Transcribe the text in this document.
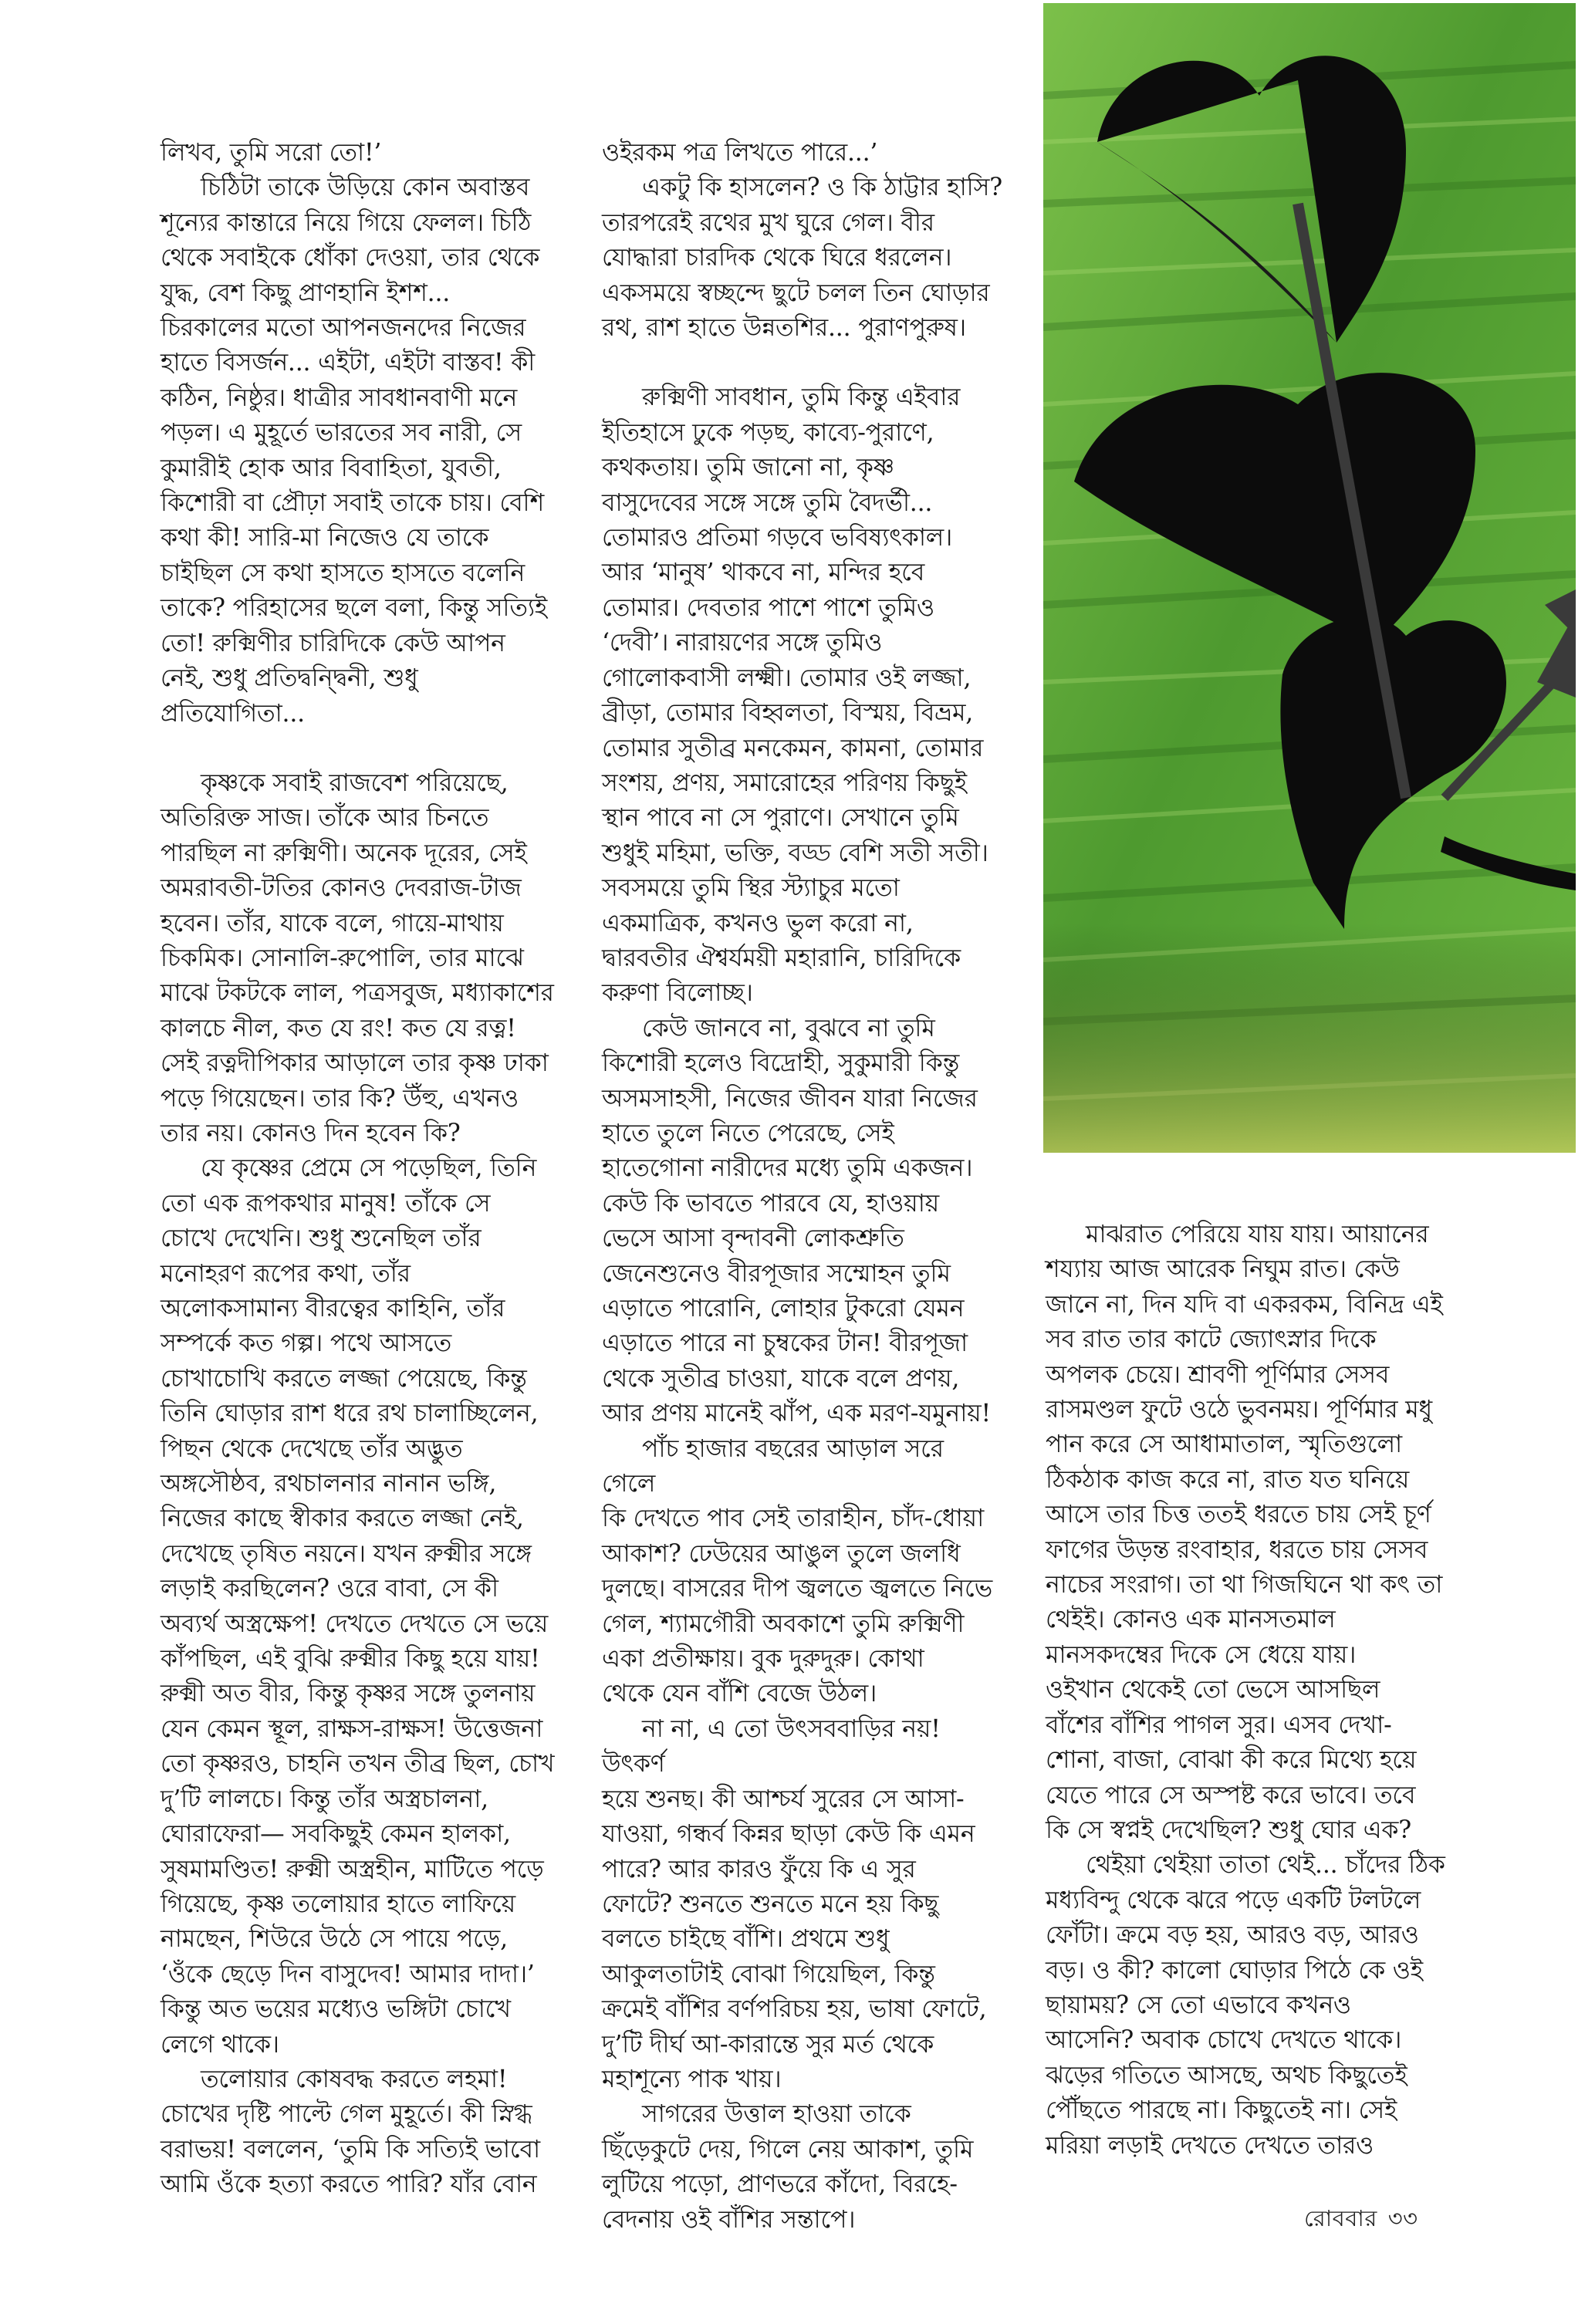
লিখব, তুমি সরো তো!’

চিঠিটা তাকে উড়িয়ে কোন অবাস্তব
শূন্যের কান্তারে নিয়ে গিয়ে ফেলল। চিঠি
থেকে সবাইকে ধোঁকা দেওয়া, তার থেকে
যুদ্ধ, বেশ কিছু প্রাণহানি ইশশ...
চিরকালের মতো আপনজনদের নিজের
হাতে বিসর্জন... এইটা, এইটা বাস্তব! কী
কঠিন, নিষ্ঠুর। ধাত্রীর সাবধানবাণী মনে
পড়ল। এ মুহূর্তে ভারতের সব নারী, সে
কুমারীই হোক আর বিবাহিতা, যুবতী,
কিশোরী বা প্রৌঢ়া সবাই তাকে চায়। বেশি
কথা কী! সারি-মা নিজেও যে তাকে
চাইছিল সে কথা হাসতে হাসতে বলেনি
তাকে? পরিহাসের ছলে বলা, কিন্তু সত্যিই
তো! রুক্মিণীর চারিদিকে কেউ আপন
নেই, শুধু প্রতিদ্বন্দ্বিনী, শুধু প্রতিযোগিতা...

কৃষ্ণকে সবাই রাজবেশ পরিয়েছে,
অতিরিক্ত সাজ। তাঁকে আর চিনতে
পারছিল না রুক্মিণী। অনেক দূরের, সেই
অমরাবতী-টতির কোনও দেবরাজ-টাজ
হবেন। তাঁর, যাকে বলে, গায়ে-মাথায়
চিকমিক। সোনালি-রুপোলি, তার মাঝে
মাঝে টকটকে লাল, পত্রসবুজ, মধ্যাকাশের
কালচে নীল, কত যে রং! কত যে রত্ন!
সেই রত্নদীপিকার আড়ালে তার কৃষ্ণ ঢাকা
পড়ে গিয়েছেন। তার কি? উঁহু, এখনও
তার নয়। কোনও দিন হবেন কি?

যে কৃষ্ণের প্রেমে সে পড়েছিল, তিনি
তো এক রূপকথার মানুষ! তাঁকে সে
চোখে দেখেনি। শুধু শুনেছিল তাঁর
মনোহরণ রূপের কথা, তাঁর
অলোকসামান্য বীরত্বের কাহিনি, তাঁর
সম্পর্কে কত গল্প। পথে আসতে
চোখাচোখি করতে লজ্জা পেয়েছে, কিন্তু
তিনি ঘোড়ার রাশ ধরে রথ চালাচ্ছিলেন,
পিছন থেকে দেখেছে তাঁর অদ্ভুত
অঙ্গসৌষ্ঠব, রথচালনার নানান ভঙ্গি,
নিজের কাছে স্বীকার করতে লজ্জা নেই,
দেখেছে তৃষিত নয়নে। যখন রুক্মীর সঙ্গে
লড়াই করছিলেন? ওরে বাবা, সে কী
অব্যর্থ অস্ত্রক্ষেপ! দেখতে দেখতে সে ভয়ে
কাঁপছিল, এই বুঝি রুক্মীর কিছু হয়ে যায়!
রুক্মী অত বীর, কিন্তু কৃষ্ণর সঙ্গে তুলনায়
যেন কেমন স্থূল, রাক্ষস-রাক্ষস! উত্তেজনা
তো কৃষ্ণরও, চাহনি তখন তীব্র ছিল, চোখ
দু’টি লালচে। কিন্তু তাঁর অস্ত্রচালনা,
ঘোরাফেরা— সবকিছুই কেমন হালকা,
সুষমামণ্ডিত! রুক্মী অস্ত্রহীন, মাটিতে পড়ে
গিয়েছে, কৃষ্ণ তলোয়ার হাতে লাফিয়ে
নামছেন, শিউরে উঠে সে পায়ে পড়ে,
‘ওঁকে ছেড়ে দিন বাসুদেব! আমার দাদা।’
কিন্তু অত ভয়ের মধ্যেও ভঙ্গিটা চোখে
লেগে থাকে।

তলোয়ার কোষবদ্ধ করতে লহমা!
চোখের দৃষ্টি পাল্টে গেল মুহূর্তে। কী স্নিগ্ধ
বরাভয়! বললেন, ‘তুমি কি সত্যিই ভাবো
আমি ওঁকে হত্যা করতে পারি? যাঁর বোন

ওইরকম পত্র লিখতে পারে...’

একটু কি হাসলেন? ও কি ঠাট্টার হাসি?
তারপরেই রথের মুখ ঘুরে গেল। বীর
যোদ্ধারা চারদিক থেকে ঘিরে ধরলেন।
একসময়ে স্বচ্ছন্দে ছুটে চলল তিন ঘোড়ার
রথ, রাশ হাতে উন্নতশির... পুরাণপুরুষ।

রুক্মিণী সাবধান, তুমি কিন্তু এইবার
ইতিহাসে ঢুকে পড়ছ, কাব্যে-পুরাণে,
কথকতায়। তুমি জানো না, কৃষ্ণ
বাসুদেবের সঙ্গে সঙ্গে তুমি বৈদর্ভী...
তোমারও প্রতিমা গড়বে ভবিষ্যৎকাল।
আর ‘মানুষ’ থাকবে না, মন্দির হবে
তোমার। দেবতার পাশে পাশে তুমিও
‘দেবী’। নারায়ণের সঙ্গে তুমিও
গোলোকবাসী লক্ষ্মী। তোমার ওই লজ্জা,
ব্রীড়া, তোমার বিহ্বলতা, বিস্ময়, বিভ্রম,
তোমার সুতীব্র মনকেমন, কামনা, তোমার
সংশয়, প্রণয়, সমারোহের পরিণয় কিছুই
স্থান পাবে না সে পুরাণে। সেখানে তুমি
শুধুই মহিমা, ভক্তি, বড্ড বেশি সতী সতী।
সবসময়ে তুমি স্থির স্ট্যাচুর মতো
একমাত্রিক, কখনও ভুল করো না,
দ্বারবতীর ঐশ্বর্যময়ী মহারানি, চারিদিকে
করুণা বিলোচ্ছ।

কেউ জানবে না, বুঝবে না তুমি
কিশোরী হলেও বিদ্রোহী, সুকুমারী কিন্তু
অসমসাহসী, নিজের জীবন যারা নিজের
হাতে তুলে নিতে পেরেছে, সেই
হাতেগোনা নারীদের মধ্যে তুমি একজন।
কেউ কি ভাবতে পারবে যে, হাওয়ায়
ভেসে আসা বৃন্দাবনী লোকশ্রুতি
জেনেশুনেও বীরপূজার সম্মোহন তুমি
এড়াতে পারোনি, লোহার টুকরো যেমন
এড়াতে পারে না চুম্বকের টান! বীরপূজা
থেকে সুতীব্র চাওয়া, যাকে বলে প্রণয়,
আর প্রণয় মানেই ঝাঁপ, এক মরণ-যমুনায়!

পাঁচ হাজার বছরের আড়াল সরে গেলে
কি দেখতে পাব সেই তারাহীন, চাঁদ-ধোয়া
আকাশ? ঢেউয়ের আঙুল তুলে জলধি
দুলছে। বাসরের দীপ জ্বলতে জ্বলতে নিভে
গেল, শ্যামগৌরী অবকাশে তুমি রুক্মিণী
একা প্রতীক্ষায়। বুক দুরুদুরু। কোথা
থেকে যেন বাঁশি বেজে উঠল।

না না, এ তো উৎসববাড়ির নয়! উৎকর্ণ
হয়ে শুনছ। কী আশ্চর্য সুরের সে আসা-
যাওয়া, গন্ধর্ব কিন্নর ছাড়া কেউ কি এমন
পারে? আর কারও ফুঁয়ে কি এ সুর
ফোটে? শুনতে শুনতে মনে হয় কিছু
বলতে চাইছে বাঁশি। প্রথমে শুধু
আকুলতাটাই বোঝা গিয়েছিল, কিন্তু
ক্রমেই বাঁশির বর্ণপরিচয় হয়, ভাষা ফোটে,
দু’টি দীর্ঘ আ-কারান্তে সুর মর্ত থেকে
মহাশূন্যে পাক খায়।

সাগরের উত্তাল হাওয়া তাকে
ছিঁড়েকুটে দেয়, গিলে নেয় আকাশ, তুমি
লুটিয়ে পড়ো, প্রাণভরে কাঁদো, বিরহে-
বেদনায় ওই বাঁশির সন্তাপে।

মাঝরাত পেরিয়ে যায় যায়। আয়ানের
শয্যায় আজ আরেক নিঘুম রাত। কেউ
জানে না, দিন যদি বা একরকম, বিনিদ্র এই
সব রাত তার কাটে জ্যোৎস্নার দিকে
অপলক চেয়ে। শ্রাবণী পূর্ণিমার সেসব
রাসমণ্ডল ফুটে ওঠে ভুবনময়। পূর্ণিমার মধু
পান করে সে আধামাতাল, স্মৃতিগুলো
ঠিকঠাক কাজ করে না, রাত যত ঘনিয়ে
আসে তার চিত্ত ততই ধরতে চায় সেই চূর্ণ
ফাগের উড়ন্ত রংবাহার, ধরতে চায় সেসব
নাচের সংরাগ। তা থা গিজঘিনে থা কৎ তা
থেইই। কোনও এক মানসতমাল
মানসকদম্বের দিকে সে ধেয়ে যায়।
ওইখান থেকেই তো ভেসে আসছিল
বাঁশের বাঁশির পাগল সুর। এসব দেখা-
শোনা, বাজা, বোঝা কী করে মিথ্যে হয়ে
যেতে পারে সে অস্পষ্ট করে ভাবে। তবে
কি সে স্বপ্নই দেখেছিল? শুধু ঘোর এক?

থেইয়া থেইয়া তাতা থেই... চাঁদের ঠিক
মধ্যবিন্দু থেকে ঝরে পড়ে একটি টলটলে
ফোঁটা। ক্রমে বড় হয়, আরও বড়, আরও
বড়। ও কী? কালো ঘোড়ার পিঠে কে ওই
ছায়াময়? সে তো এভাবে কখনও
আসেনি? অবাক চোখে দেখতে থাকে।
ঝড়ের গতিতে আসছে, অথচ কিছুতেই
পৌঁছতে পারছে না। কিছুতেই না। সেই
মরিয়া লড়াই দেখতে দেখতে তারও

রোববার ৩৩
